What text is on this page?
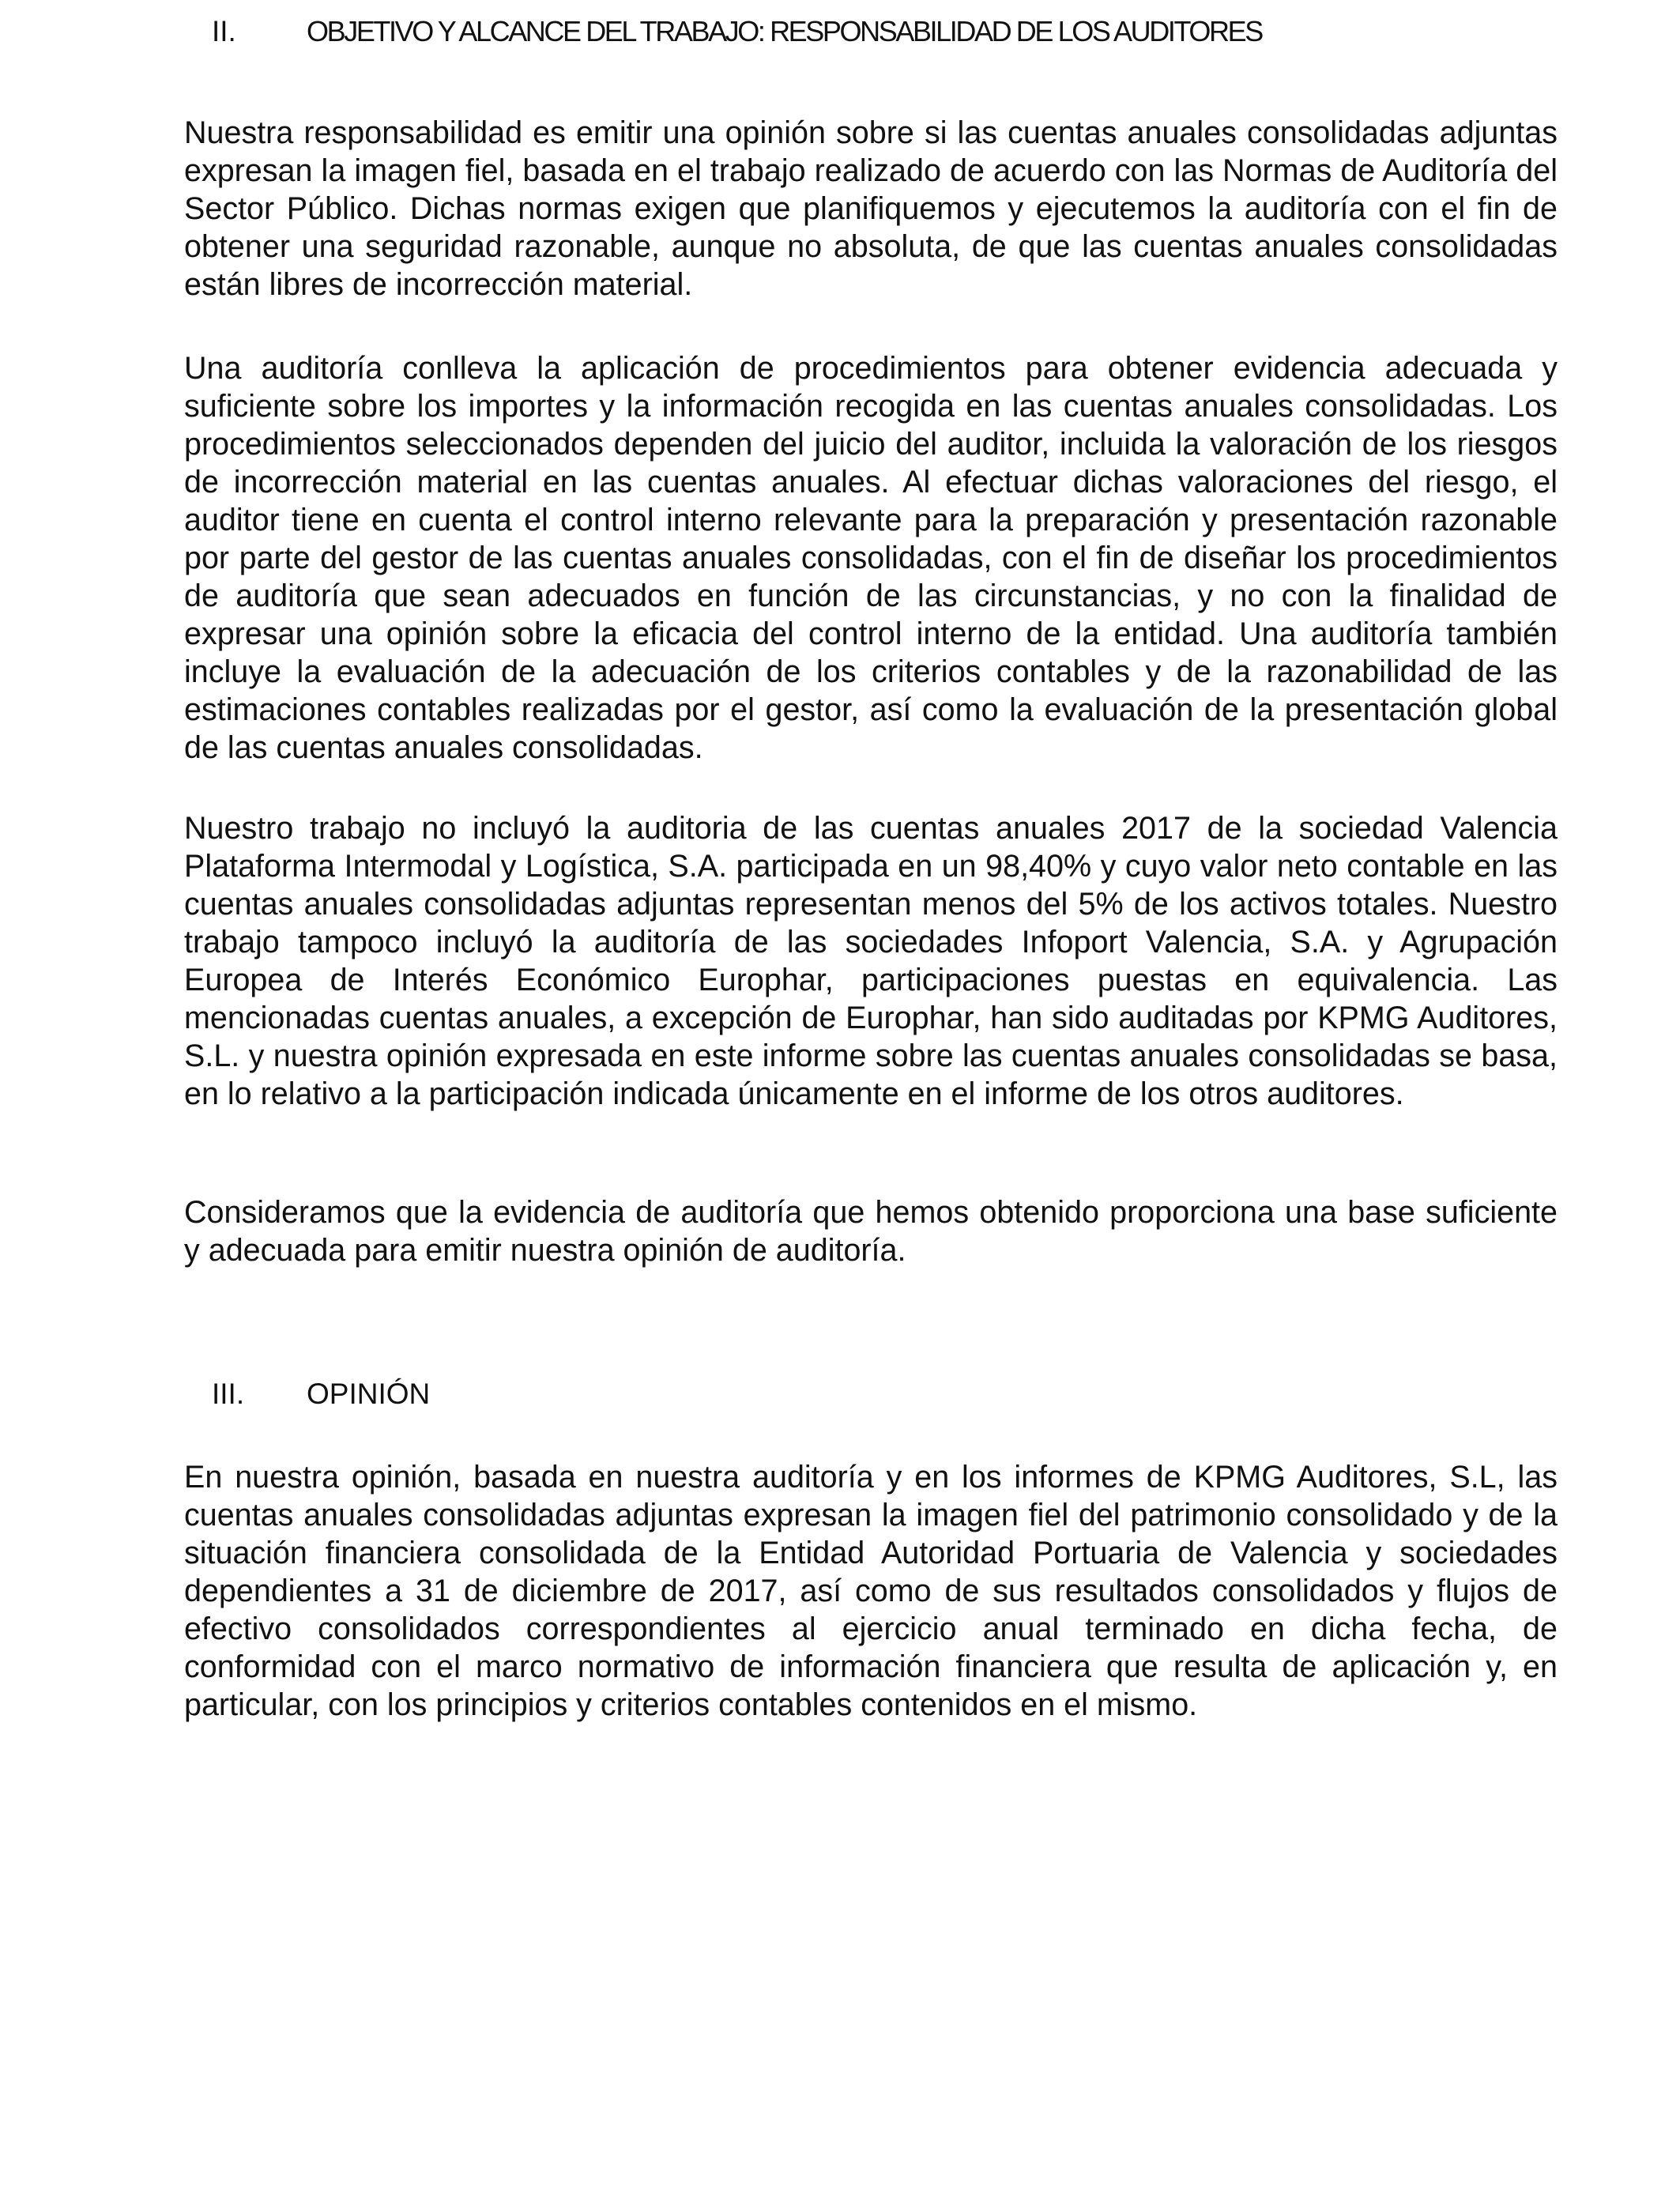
II.	OBJETIVO Y ALCANCE DEL TRABAJO: RESPONSABILIDAD DE LOS AUDITORES

Nuestra responsabilidad es emitir una opinión sobre si las cuentas anuales consolidadas adjuntas expresan la imagen fiel, basada en el trabajo realizado de acuerdo con las Normas de Auditoría del Sector Público. Dichas normas exigen que planifiquemos y ejecutemos la auditoría con el fin de obtener una seguridad razonable, aunque no absoluta, de que las cuentas anuales consolidadas están libres de incorrección material.

Una auditoría conlleva la aplicación de procedimientos para obtener evidencia adecuada y suficiente sobre los importes y la información recogida en las cuentas anuales consolidadas. Los procedimientos seleccionados dependen del juicio del auditor, incluida la valoración de los riesgos de incorrección material en las cuentas anuales. Al efectuar dichas valoraciones del riesgo, el auditor tiene en cuenta el control interno relevante para la preparación y presentación razonable por parte del gestor de las cuentas anuales consolidadas, con el fin de diseñar los procedimientos de auditoría que sean adecuados en función de las circunstancias, y no con la finalidad de expresar una opinión sobre la eficacia del control interno de la entidad. Una auditoría también incluye la evaluación de la adecuación de los criterios contables y de la razonabilidad de las estimaciones contables realizadas por el gestor, así como la evaluación de la presentación global de las cuentas anuales consolidadas.

Nuestro trabajo no incluyó la auditoria de las cuentas anuales 2017 de la sociedad Valencia Plataforma Intermodal y Logística, S.A. participada en un 98,40% y cuyo valor neto contable en las cuentas anuales consolidadas adjuntas representan menos del 5% de los activos totales. Nuestro trabajo tampoco incluyó la auditoría de las sociedades Infoport Valencia, S.A. y Agrupación Europea de Interés Económico Europhar, participaciones puestas en equivalencia. Las mencionadas cuentas anuales, a excepción de Europhar, han sido auditadas por KPMG Auditores, S.L. y nuestra opinión expresada en este informe sobre las cuentas anuales consolidadas se basa, en lo relativo a la participación indicada únicamente en el informe de los otros auditores.

Consideramos que la evidencia de auditoría que hemos obtenido proporciona una base suficiente y adecuada para emitir nuestra opinión de auditoría.

III.	OPINIÓN

En nuestra opinión, basada en nuestra auditoría y en los informes de KPMG Auditores, S.L, las cuentas anuales consolidadas adjuntas expresan la imagen fiel del patrimonio consolidado y de la situación financiera consolidada de la Entidad Autoridad Portuaria de Valencia y sociedades dependientes a 31 de diciembre de 2017, así como de sus resultados consolidados y flujos de efectivo consolidados correspondientes al ejercicio anual terminado en dicha fecha, de conformidad con el marco normativo de información financiera que resulta de aplicación y, en particular, con los principios y criterios contables contenidos en el mismo.
